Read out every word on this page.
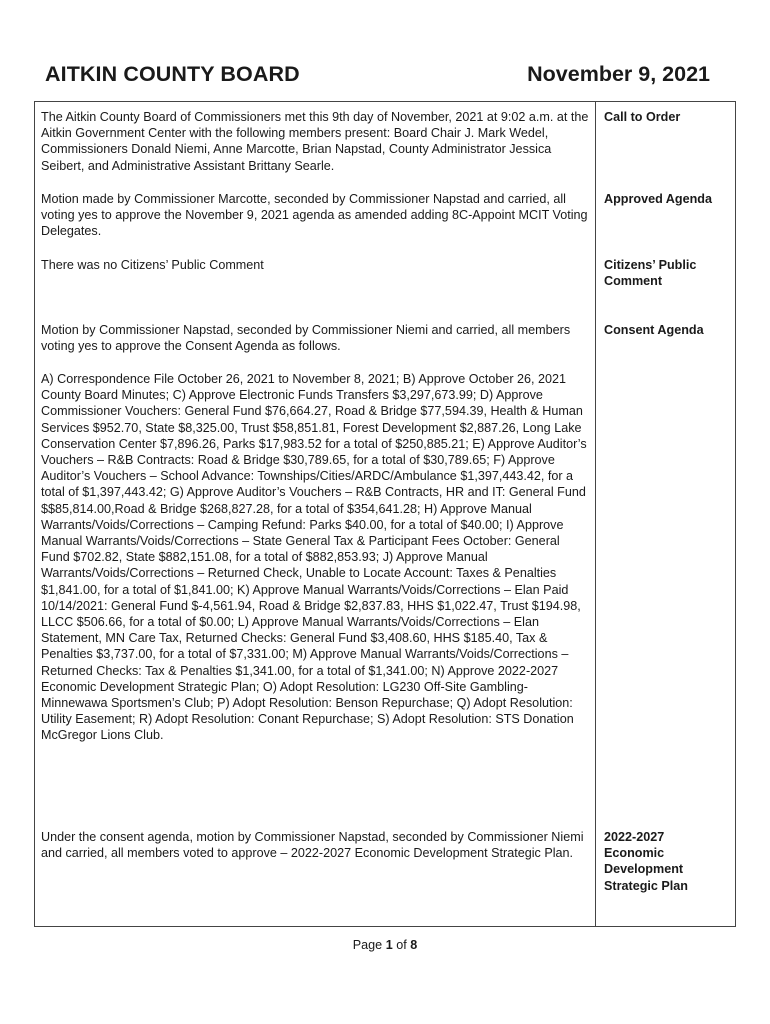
AITKIN COUNTY BOARD	November 9, 2021

The Aitkin County Board of Commissioners met this 9th day of November, 2021 at 9:02 a.m. at the Aitkin Government Center with the following members present: Board Chair J. Mark Wedel, Commissioners Donald Niemi, Anne Marcotte, Brian Napstad, County Administrator Jessica Seibert, and Administrative Assistant Brittany Searle.

Call to Order

Motion made by Commissioner Marcotte, seconded by Commissioner Napstad and carried, all voting yes to approve the November 9, 2021 agenda as amended adding 8C-Appoint MCIT Voting Delegates.

Approved Agenda

There was no Citizens’ Public Comment	Citizens’ Public Comment

Motion by Commissioner Napstad, seconded by Commissioner Niemi and carried, all members voting yes to approve the Consent Agenda as follows.

Consent Agenda

A) Correspondence File October 26, 2021 to November 8, 2021; B) Approve October 26, 2021 County Board Minutes; C) Approve Electronic Funds Transfers $3,297,673.99; D) Approve Commissioner Vouchers: General Fund $76,664.27, Road & Bridge $77,594.39, Health & Human Services $952.70, State $8,325.00, Trust $58,851.81, Forest Development $2,887.26, Long Lake Conservation Center $7,896.26, Parks $17,983.52 for a total of $250,885.21; E) Approve Auditor’s Vouchers – R&B Contracts: Road & Bridge $30,789.65, for a total of $30,789.65; F) Approve Auditor’s Vouchers – School Advance: Townships/Cities/ARDC/Ambulance $1,397,443.42, for a total of $1,397,443.42; G) Approve Auditor’s Vouchers – R&B Contracts, HR and IT: General Fund $$85,814.00,Road & Bridge $268,827.28, for a total of $354,641.28; H) Approve Manual Warrants/Voids/Corrections – Camping Refund: Parks $40.00, for a total of $40.00; I) Approve Manual Warrants/Voids/Corrections – State General Tax & Participant Fees October: General Fund $702.82, State $882,151.08, for a total of $882,853.93; J) Approve Manual Warrants/Voids/Corrections – Returned Check, Unable to Locate Account: Taxes & Penalties $1,841.00, for a total of $1,841.00; K) Approve Manual Warrants/Voids/Corrections – Elan Paid 10/14/2021: General Fund $-4,561.94, Road & Bridge $2,837.83, HHS $1,022.47, Trust $194.98, LLCC $506.66, for a total of $0.00; L) Approve Manual Warrants/Voids/Corrections – Elan Statement, MN Care Tax, Returned Checks: General Fund $3,408.60, HHS $185.40, Tax & Penalties $3,737.00, for a total of $7,331.00; M) Approve Manual Warrants/Voids/Corrections – Returned Checks: Tax & Penalties $1,341.00, for a total of $1,341.00; N) Approve 2022-2027 Economic Development Strategic Plan; O) Adopt Resolution: LG230 Off-Site Gambling-Minnewawa Sportsmen’s Club; P) Adopt Resolution: Benson Repurchase; Q) Adopt Resolution: Utility Easement; R) Adopt Resolution: Conant Repurchase; S) Adopt Resolution: STS Donation McGregor Lions Club.

Under the consent agenda, motion by Commissioner Napstad, seconded by Commissioner Niemi and carried, all members voted to approve – 2022-2027 Economic Development Strategic Plan.

2022-2027 Economic Development Strategic Plan

Page 1 of 8
